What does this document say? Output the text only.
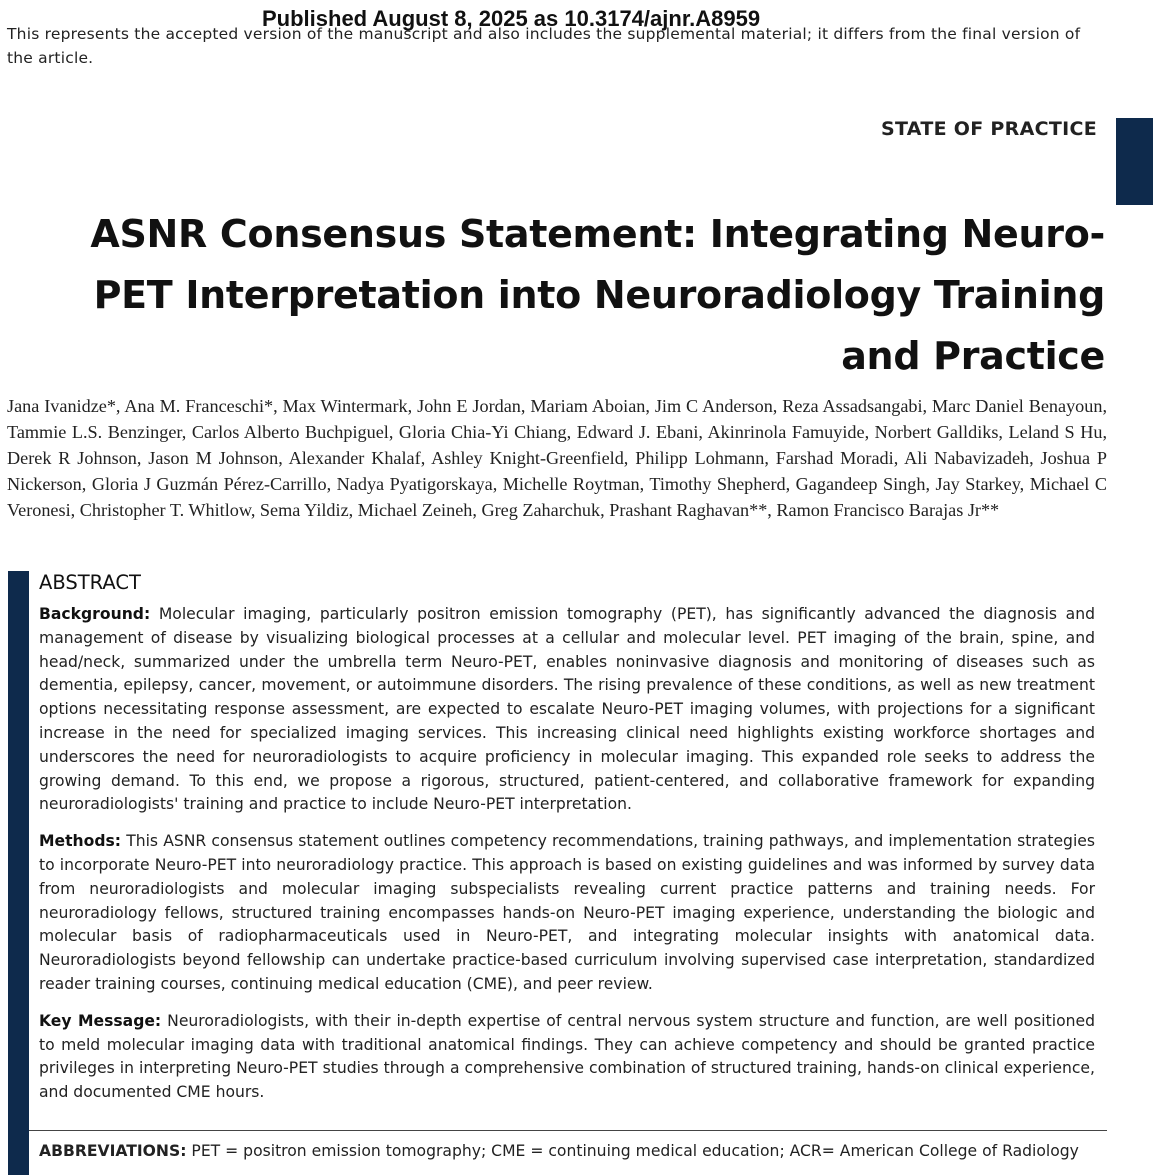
This represents the accepted version of the manuscript and also includes the supplemental material; it differs from the final version of the article.
Published August 8, 2025 as 10.3174/ajnr.A8959
STATE OF PRACTICE
ASNR Consensus Statement: Integrating Neuro-PET Interpretation into Neuroradiology Training and Practice
Jana Ivanidze*, Ana M. Franceschi*, Max Wintermark, John E Jordan, Mariam Aboian, Jim C Anderson, Reza Assadsangabi, Marc Daniel Benayoun, Tammie L.S. Benzinger, Carlos Alberto Buchpiguel, Gloria Chia-Yi Chiang, Edward J. Ebani, Akinrinola Famuyide, Norbert Galldiks, Leland S Hu, Derek R Johnson, Jason M Johnson, Alexander Khalaf, Ashley Knight-Greenfield, Philipp Lohmann, Farshad Moradi, Ali Nabavizadeh, Joshua P Nickerson, Gloria J Guzmán Pérez-Carrillo, Nadya Pyatigorskaya, Michelle Roytman, Timothy Shepherd, Gagandeep Singh, Jay Starkey, Michael C Veronesi, Christopher T. Whitlow, Sema Yildiz, Michael Zeineh, Greg Zaharchuk, Prashant Raghavan**, Ramon Francisco Barajas Jr**
ABSTRACT

Background: Molecular imaging, particularly positron emission tomography (PET), has significantly advanced the diagnosis and management of disease by visualizing biological processes at a cellular and molecular level. PET imaging of the brain, spine, and head/neck, summarized under the umbrella term Neuro-PET, enables noninvasive diagnosis and monitoring of diseases such as dementia, epilepsy, cancer, movement, or autoimmune disorders. The rising prevalence of these conditions, as well as new treatment options necessitating response assessment, are expected to escalate Neuro-PET imaging volumes, with projections for a significant increase in the need for specialized imaging services. This increasing clinical need highlights existing workforce shortages and underscores the need for neuroradiologists to acquire proficiency in molecular imaging. This expanded role seeks to address the growing demand. To this end, we propose a rigorous, structured, patient-centered, and collaborative framework for expanding neuroradiologists' training and practice to include Neuro-PET interpretation.

Methods: This ASNR consensus statement outlines competency recommendations, training pathways, and implementation strategies to incorporate Neuro-PET into neuroradiology practice. This approach is based on existing guidelines and was informed by survey data from neuroradiologists and molecular imaging subspecialists revealing current practice patterns and training needs. For neuroradiology fellows, structured training encompasses hands-on Neuro-PET imaging experience, understanding the biologic and molecular basis of radiopharmaceuticals used in Neuro-PET, and integrating molecular insights with anatomical data. Neuroradiologists beyond fellowship can undertake practice-based curriculum involving supervised case interpretation, standardized reader training courses, continuing medical education (CME), and peer review.

Key Message: Neuroradiologists, with their in-depth expertise of central nervous system structure and function, are well positioned to meld molecular imaging data with traditional anatomical findings. They can achieve competency and should be granted practice privileges in interpreting Neuro-PET studies through a comprehensive combination of structured training, hands-on clinical experience, and documented CME hours.

ABBREVIATIONS: PET = positron emission tomography; CME = continuing medical education; ACR= American College of Radiology
